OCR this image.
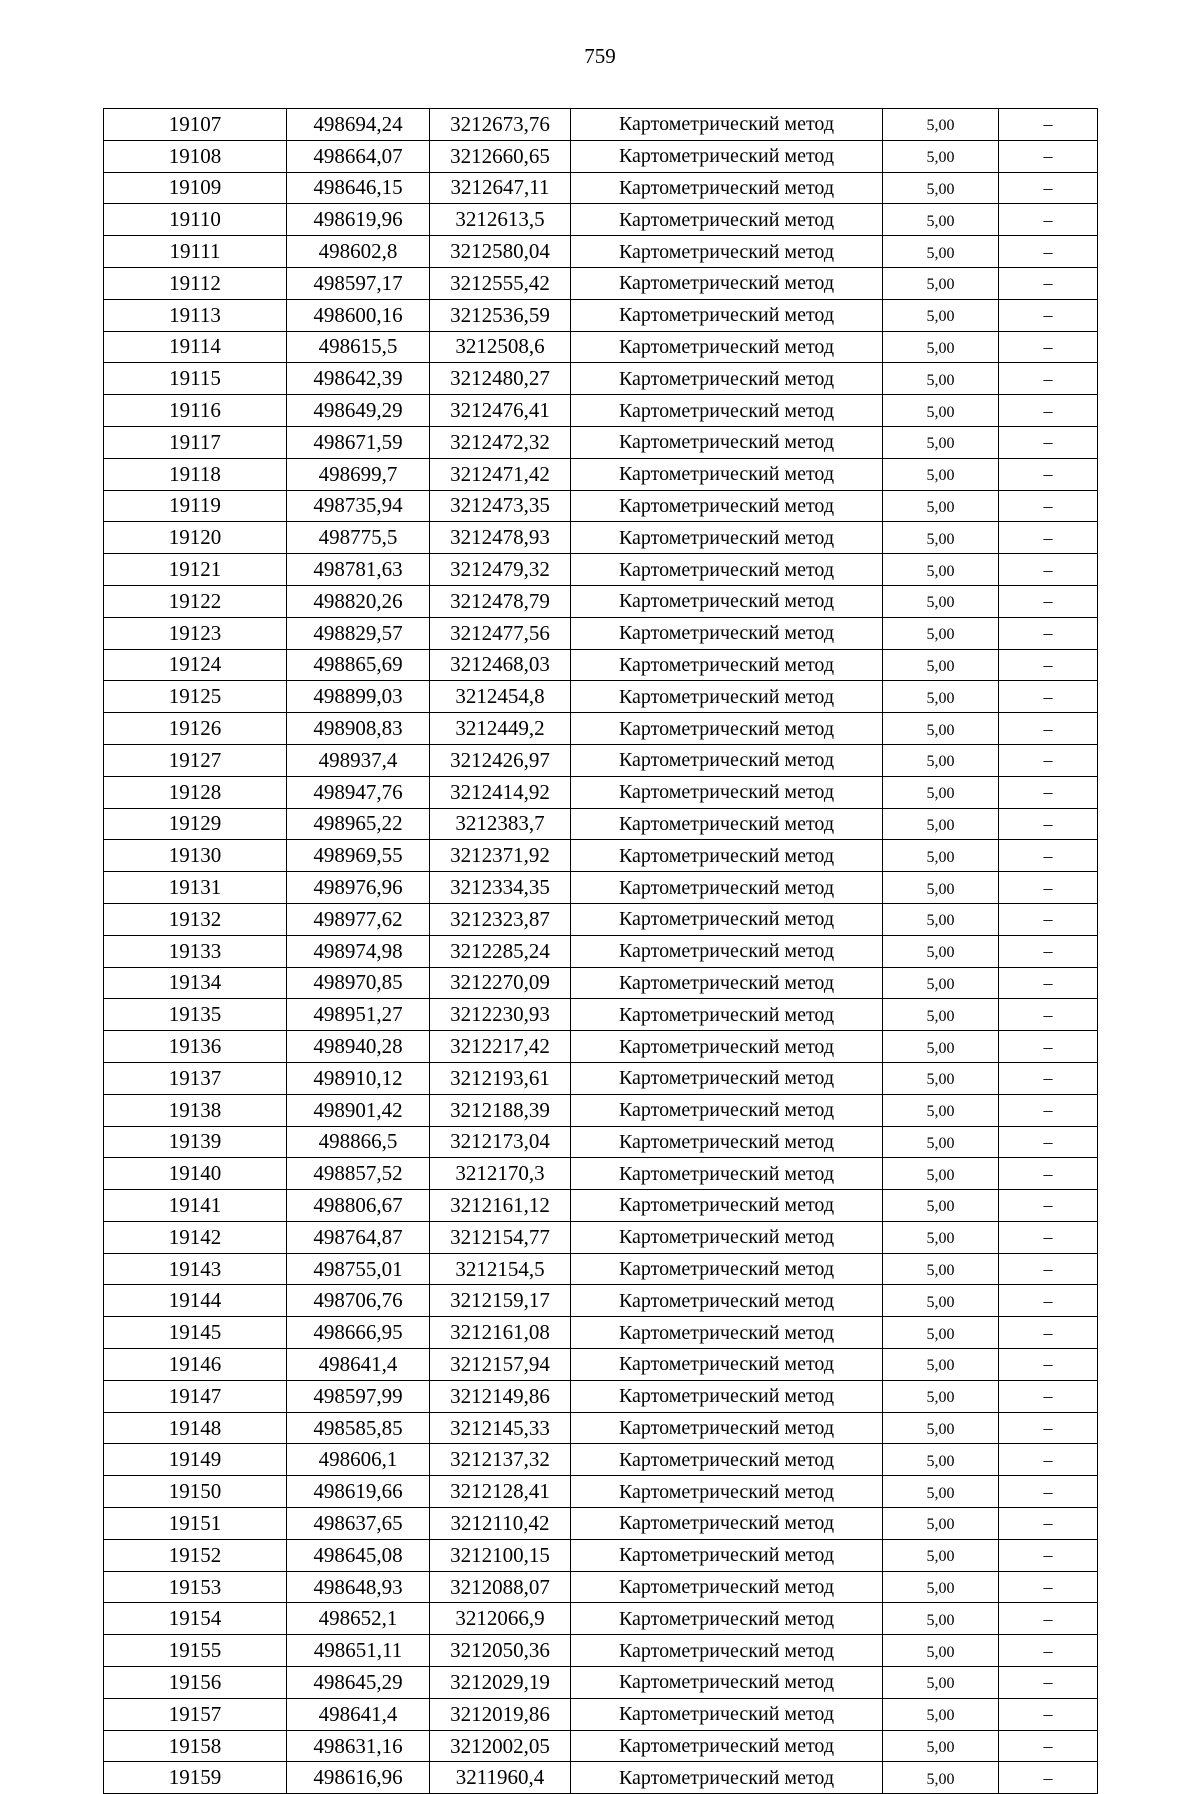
759
19107	498694,24	3212673,76	Картометрический метод	5,00	–
19108	498664,07	3212660,65	Картометрический метод	5,00	–
19109	498646,15	3212647,11	Картометрический метод	5,00	–
19110	498619,96	3212613,5	Картометрический метод	5,00	–
19111	498602,8	3212580,04	Картометрический метод	5,00	–
19112	498597,17	3212555,42	Картометрический метод	5,00	–
19113	498600,16	3212536,59	Картометрический метод	5,00	–
19114	498615,5	3212508,6	Картометрический метод	5,00	–
19115	498642,39	3212480,27	Картометрический метод	5,00	–
19116	498649,29	3212476,41	Картометрический метод	5,00	–
19117	498671,59	3212472,32	Картометрический метод	5,00	–
19118	498699,7	3212471,42	Картометрический метод	5,00	–
19119	498735,94	3212473,35	Картометрический метод	5,00	–
19120	498775,5	3212478,93	Картометрический метод	5,00	–
19121	498781,63	3212479,32	Картометрический метод	5,00	–
19122	498820,26	3212478,79	Картометрический метод	5,00	–
19123	498829,57	3212477,56	Картометрический метод	5,00	–
19124	498865,69	3212468,03	Картометрический метод	5,00	–
19125	498899,03	3212454,8	Картометрический метод	5,00	–
19126	498908,83	3212449,2	Картометрический метод	5,00	–
19127	498937,4	3212426,97	Картометрический метод	5,00	–
19128	498947,76	3212414,92	Картометрический метод	5,00	–
19129	498965,22	3212383,7	Картометрический метод	5,00	–
19130	498969,55	3212371,92	Картометрический метод	5,00	–
19131	498976,96	3212334,35	Картометрический метод	5,00	–
19132	498977,62	3212323,87	Картометрический метод	5,00	–
19133	498974,98	3212285,24	Картометрический метод	5,00	–
19134	498970,85	3212270,09	Картометрический метод	5,00	–
19135	498951,27	3212230,93	Картометрический метод	5,00	–
19136	498940,28	3212217,42	Картометрический метод	5,00	–
19137	498910,12	3212193,61	Картометрический метод	5,00	–
19138	498901,42	3212188,39	Картометрический метод	5,00	–
19139	498866,5	3212173,04	Картометрический метод	5,00	–
19140	498857,52	3212170,3	Картометрический метод	5,00	–
19141	498806,67	3212161,12	Картометрический метод	5,00	–
19142	498764,87	3212154,77	Картометрический метод	5,00	–
19143	498755,01	3212154,5	Картометрический метод	5,00	–
19144	498706,76	3212159,17	Картометрический метод	5,00	–
19145	498666,95	3212161,08	Картометрический метод	5,00	–
19146	498641,4	3212157,94	Картометрический метод	5,00	–
19147	498597,99	3212149,86	Картометрический метод	5,00	–
19148	498585,85	3212145,33	Картометрический метод	5,00	–
19149	498606,1	3212137,32	Картометрический метод	5,00	–
19150	498619,66	3212128,41	Картометрический метод	5,00	–
19151	498637,65	3212110,42	Картометрический метод	5,00	–
19152	498645,08	3212100,15	Картометрический метод	5,00	–
19153	498648,93	3212088,07	Картометрический метод	5,00	–
19154	498652,1	3212066,9	Картометрический метод	5,00	–
19155	498651,11	3212050,36	Картометрический метод	5,00	–
19156	498645,29	3212029,19	Картометрический метод	5,00	–
19157	498641,4	3212019,86	Картометрический метод	5,00	–
19158	498631,16	3212002,05	Картометрический метод	5,00	–
19159	498616,96	3211960,4	Картометрический метод	5,00	–
